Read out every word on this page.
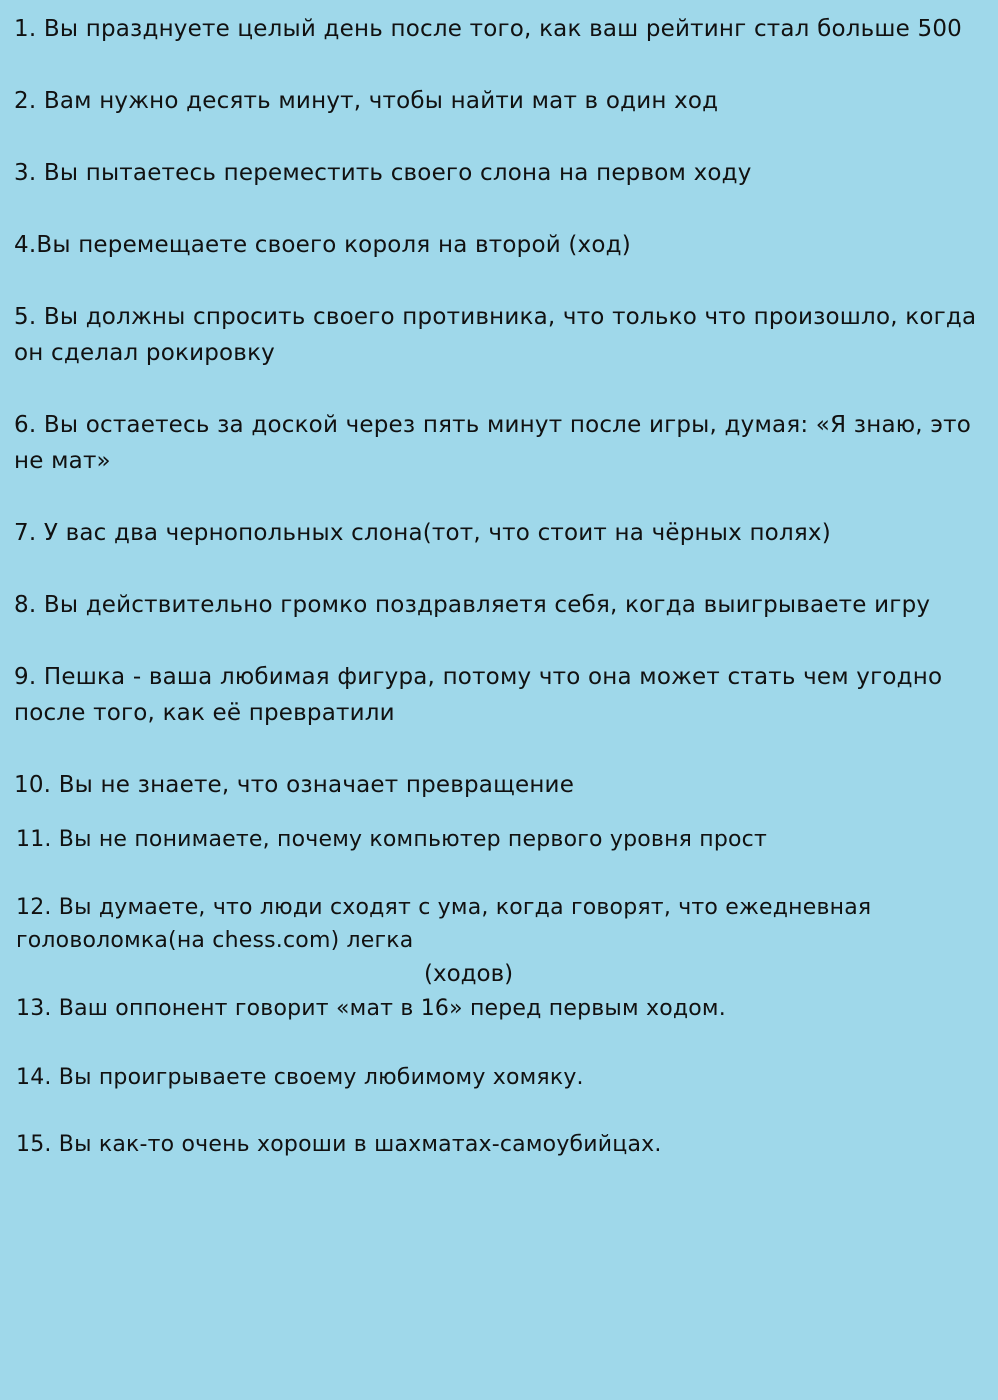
1. Вы празднуете целый день после того, как ваш рейтинг стал больше 500

2. Вам нужно десять минут, чтобы найти мат в один ход

3. Вы пытаетесь переместить своего слона на первом ходу

4.Вы перемещаете своего короля на второй (ход)

5. Вы должны спросить своего противника, что только что произошло, когда он сделал рокировку

6. Вы остаетесь за доской через пять минут после игры, думая: «Я знаю, это не мат»

7. У вас два чернопольных слона(тот, что стоит на чёрных полях)

8. Вы действительно громко поздравляетя себя, когда выигрываете игру

9. Пешка - ваша любимая фигура, потому что она может стать чем угодно после того, как её превратили

10. Вы не знаете, что означает превращение

11. Вы не понимаете, почему компьютер первого уровня прост

12. Вы думаете, что люди сходят с ума, когда говорят, что ежедневная головоломка(на chess.com) легка

(ходов)

13. Ваш оппонент говорит «мат в 16» перед первым ходом.

14. Вы проигрываете своему любимому хомяку.

15. Вы как-то очень хороши в шахматах-самоубийцах.
